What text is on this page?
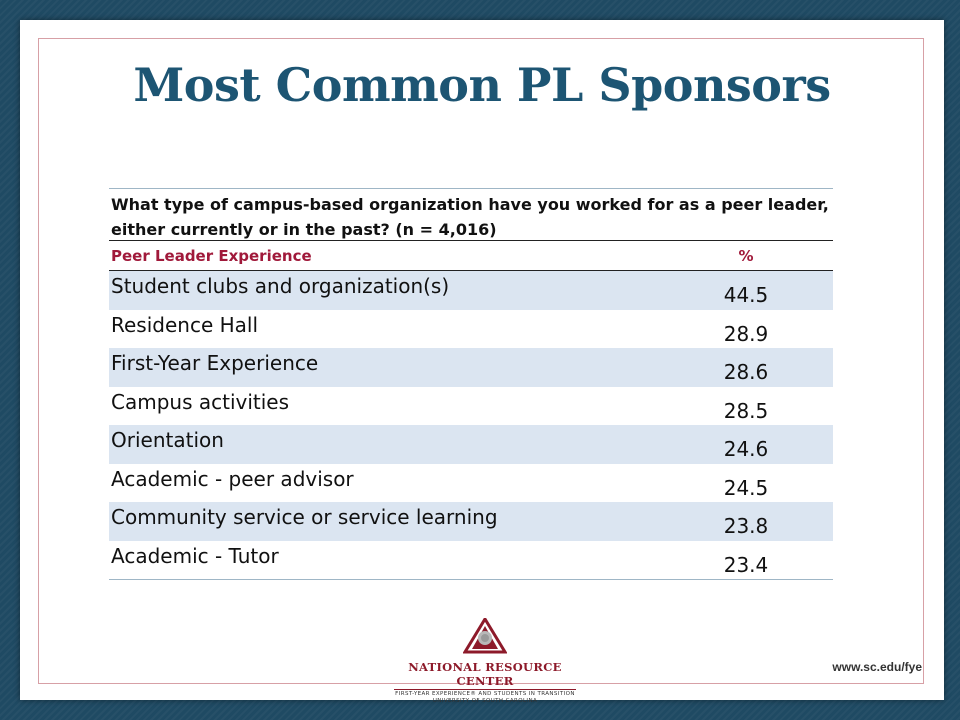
Most Common PL Sponsors
What type of campus-based organization have you worked for as a peer leader, either currently or in the past? (n = 4,016)
Peer Leader Experience	%
Student clubs and organization(s)	44.5
Residence Hall	28.9
First-Year Experience	28.6
Campus activities	28.5
Orientation	24.6
Academic - peer advisor	24.5
Community service or service learning	23.8
Academic - Tutor	23.4
NATIONAL RESOURCE CENTER
FIRST-YEAR EXPERIENCE® AND STUDENTS IN TRANSITION
UNIVERSITY OF SOUTH CAROLINA
www.sc.edu/fye
